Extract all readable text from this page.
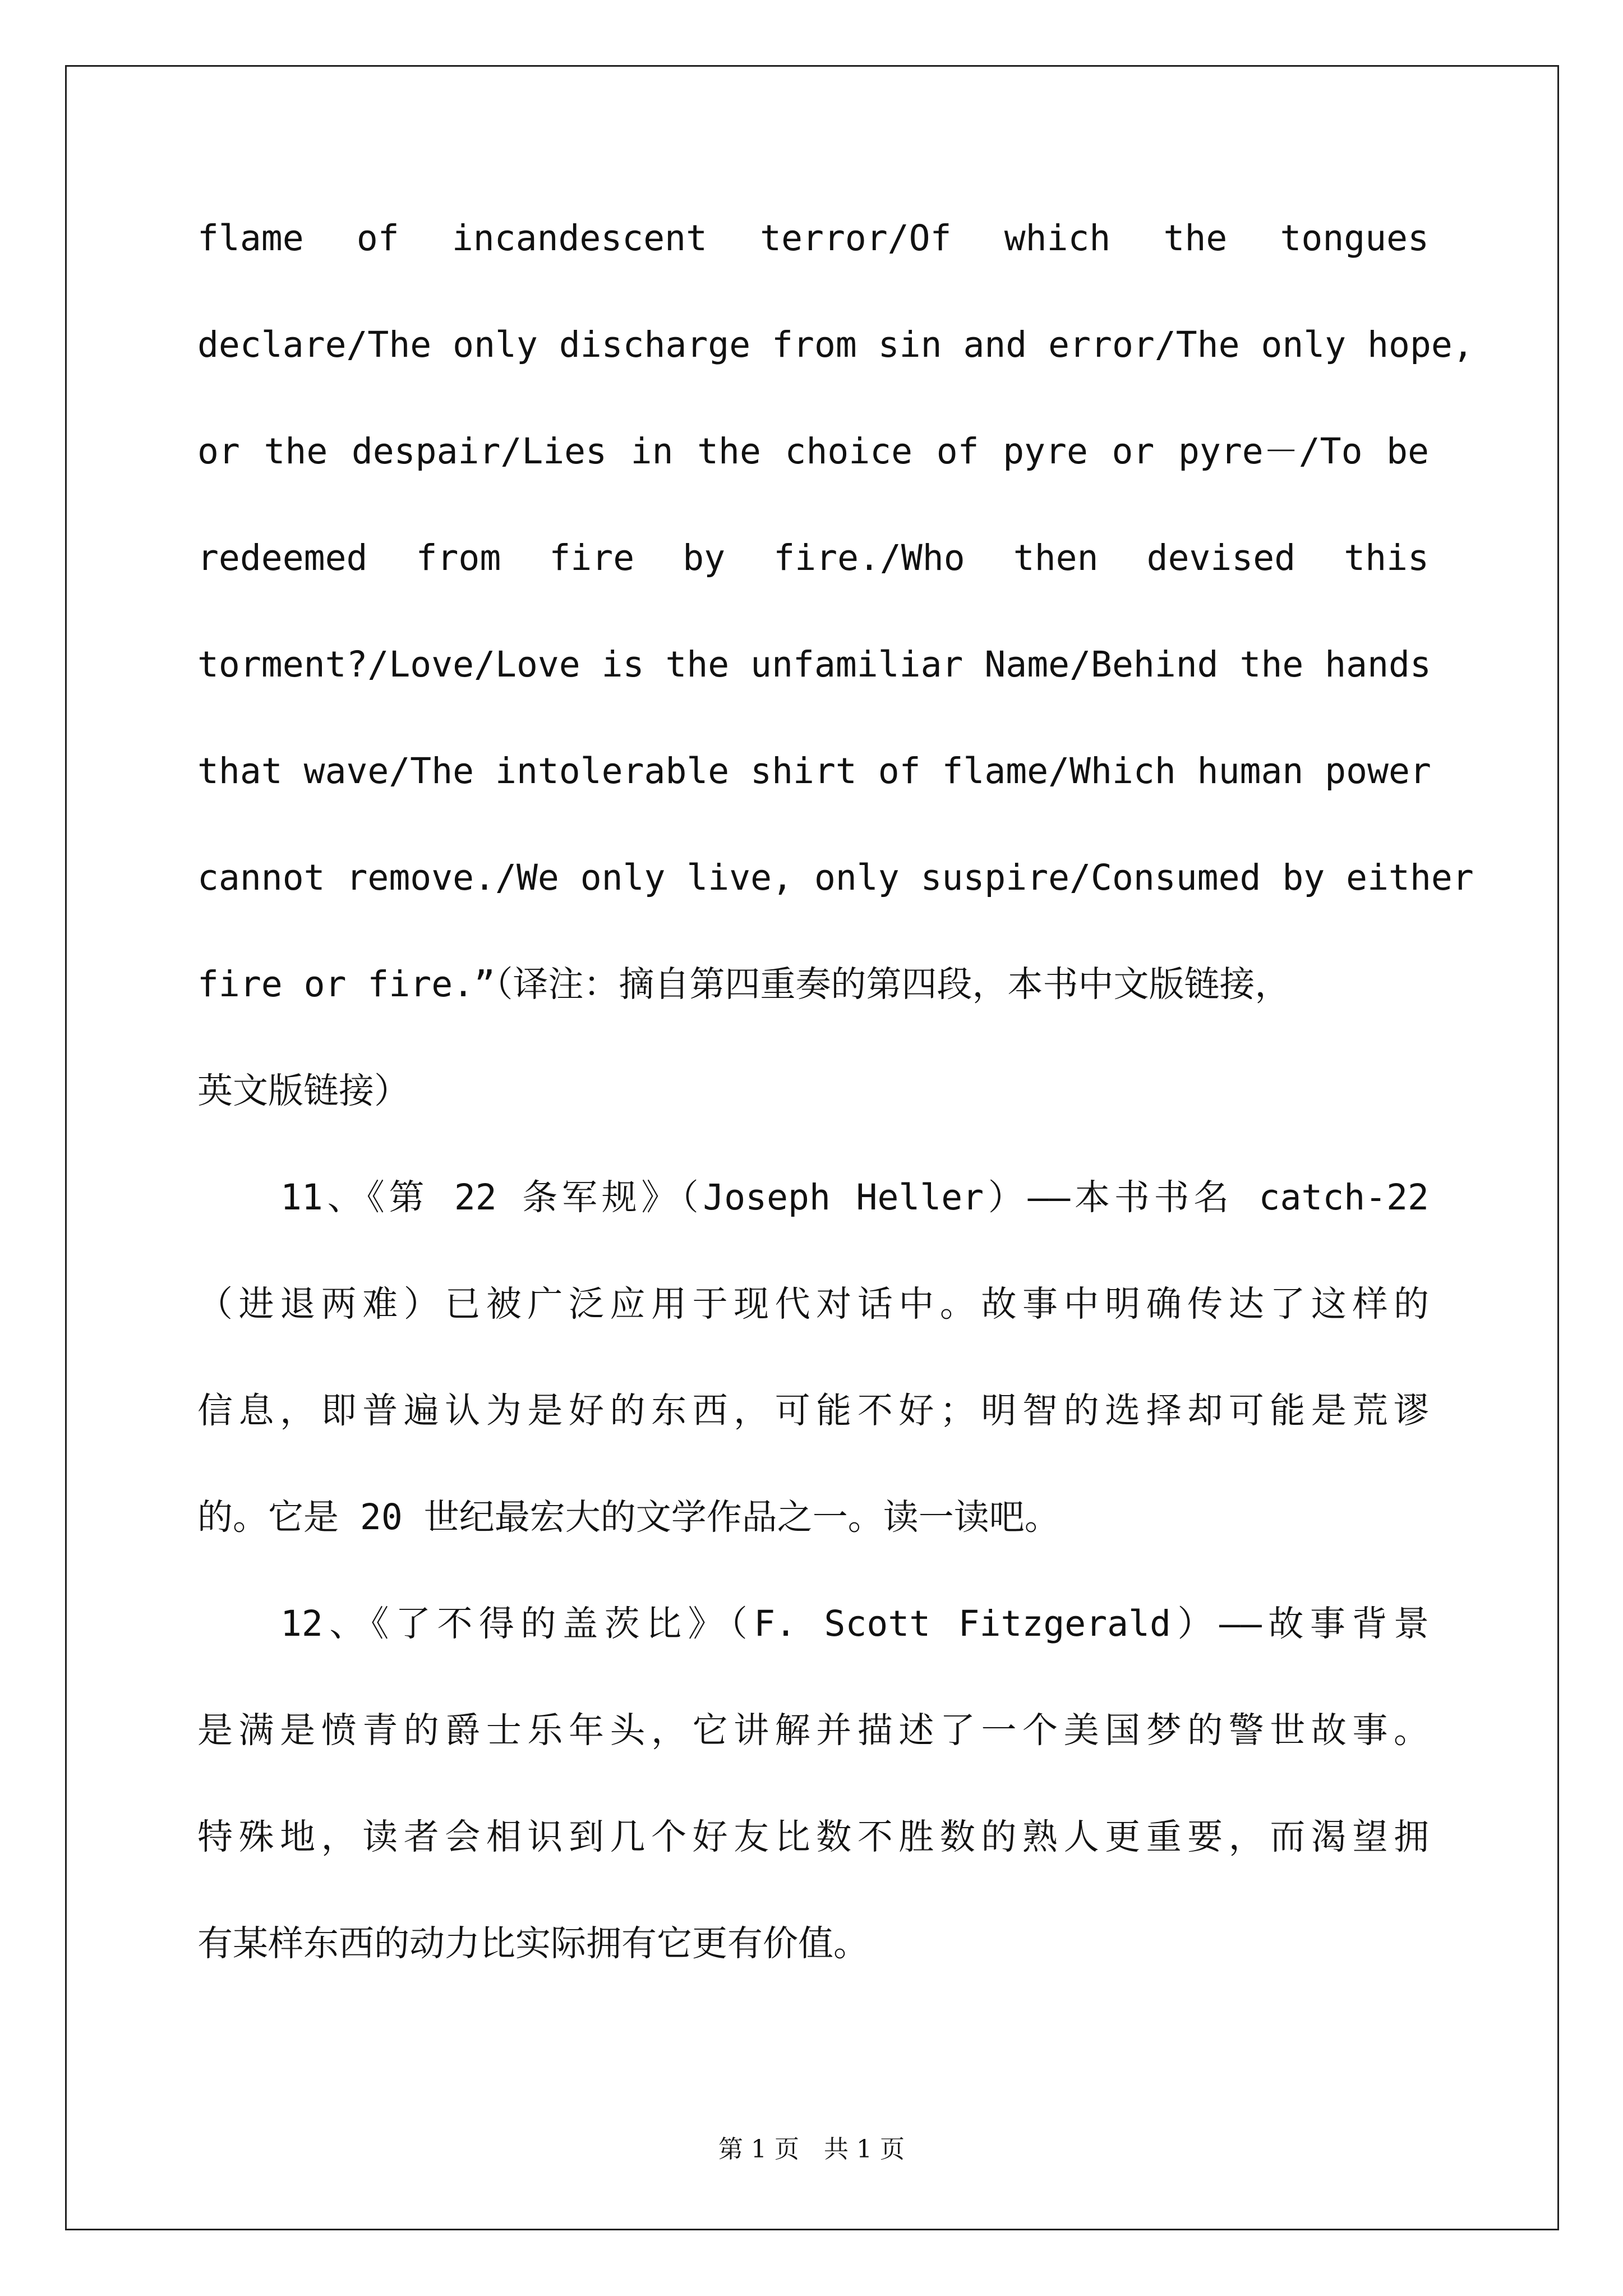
flame of incandescent terror/Of which the tongues
declare/The only discharge from sin and error/The only hope,
or the despair/Lies in the choice of pyre or pyre－/To be
redeemed from fire by fire./Who then devised this
torment?/Love/Love is the unfamiliar Name/Behind the hands
that wave/The intolerable shirt of flame/Which human power
cannot remove./We only live, only suspire/Consumed by either
fire or fire.”（译注：摘自第四重奏的第四段，本书中文版链接，
英文版链接）
11、《第 22 条军规》（Joseph Heller）——本书书名 catch-22
（进退两难）已被广泛应用于现代对话中。故事中明确传达了这样的
信息，即普遍认为是好的东西，可能不好；明智的选择却可能是荒谬
的。它是 20 世纪最宏大的文学作品之一。读一读吧。
12、《了不得的盖茨比》（F. Scott Fitzgerald）——故事背景
是满是愤青的爵士乐年头，它讲解并描述了一个美国梦的警世故事。
特殊地，读者会相识到几个好友比数不胜数的熟人更重要，而渴望拥
有某样东西的动力比实际拥有它更有价值。
第 1 页　共 1 页
